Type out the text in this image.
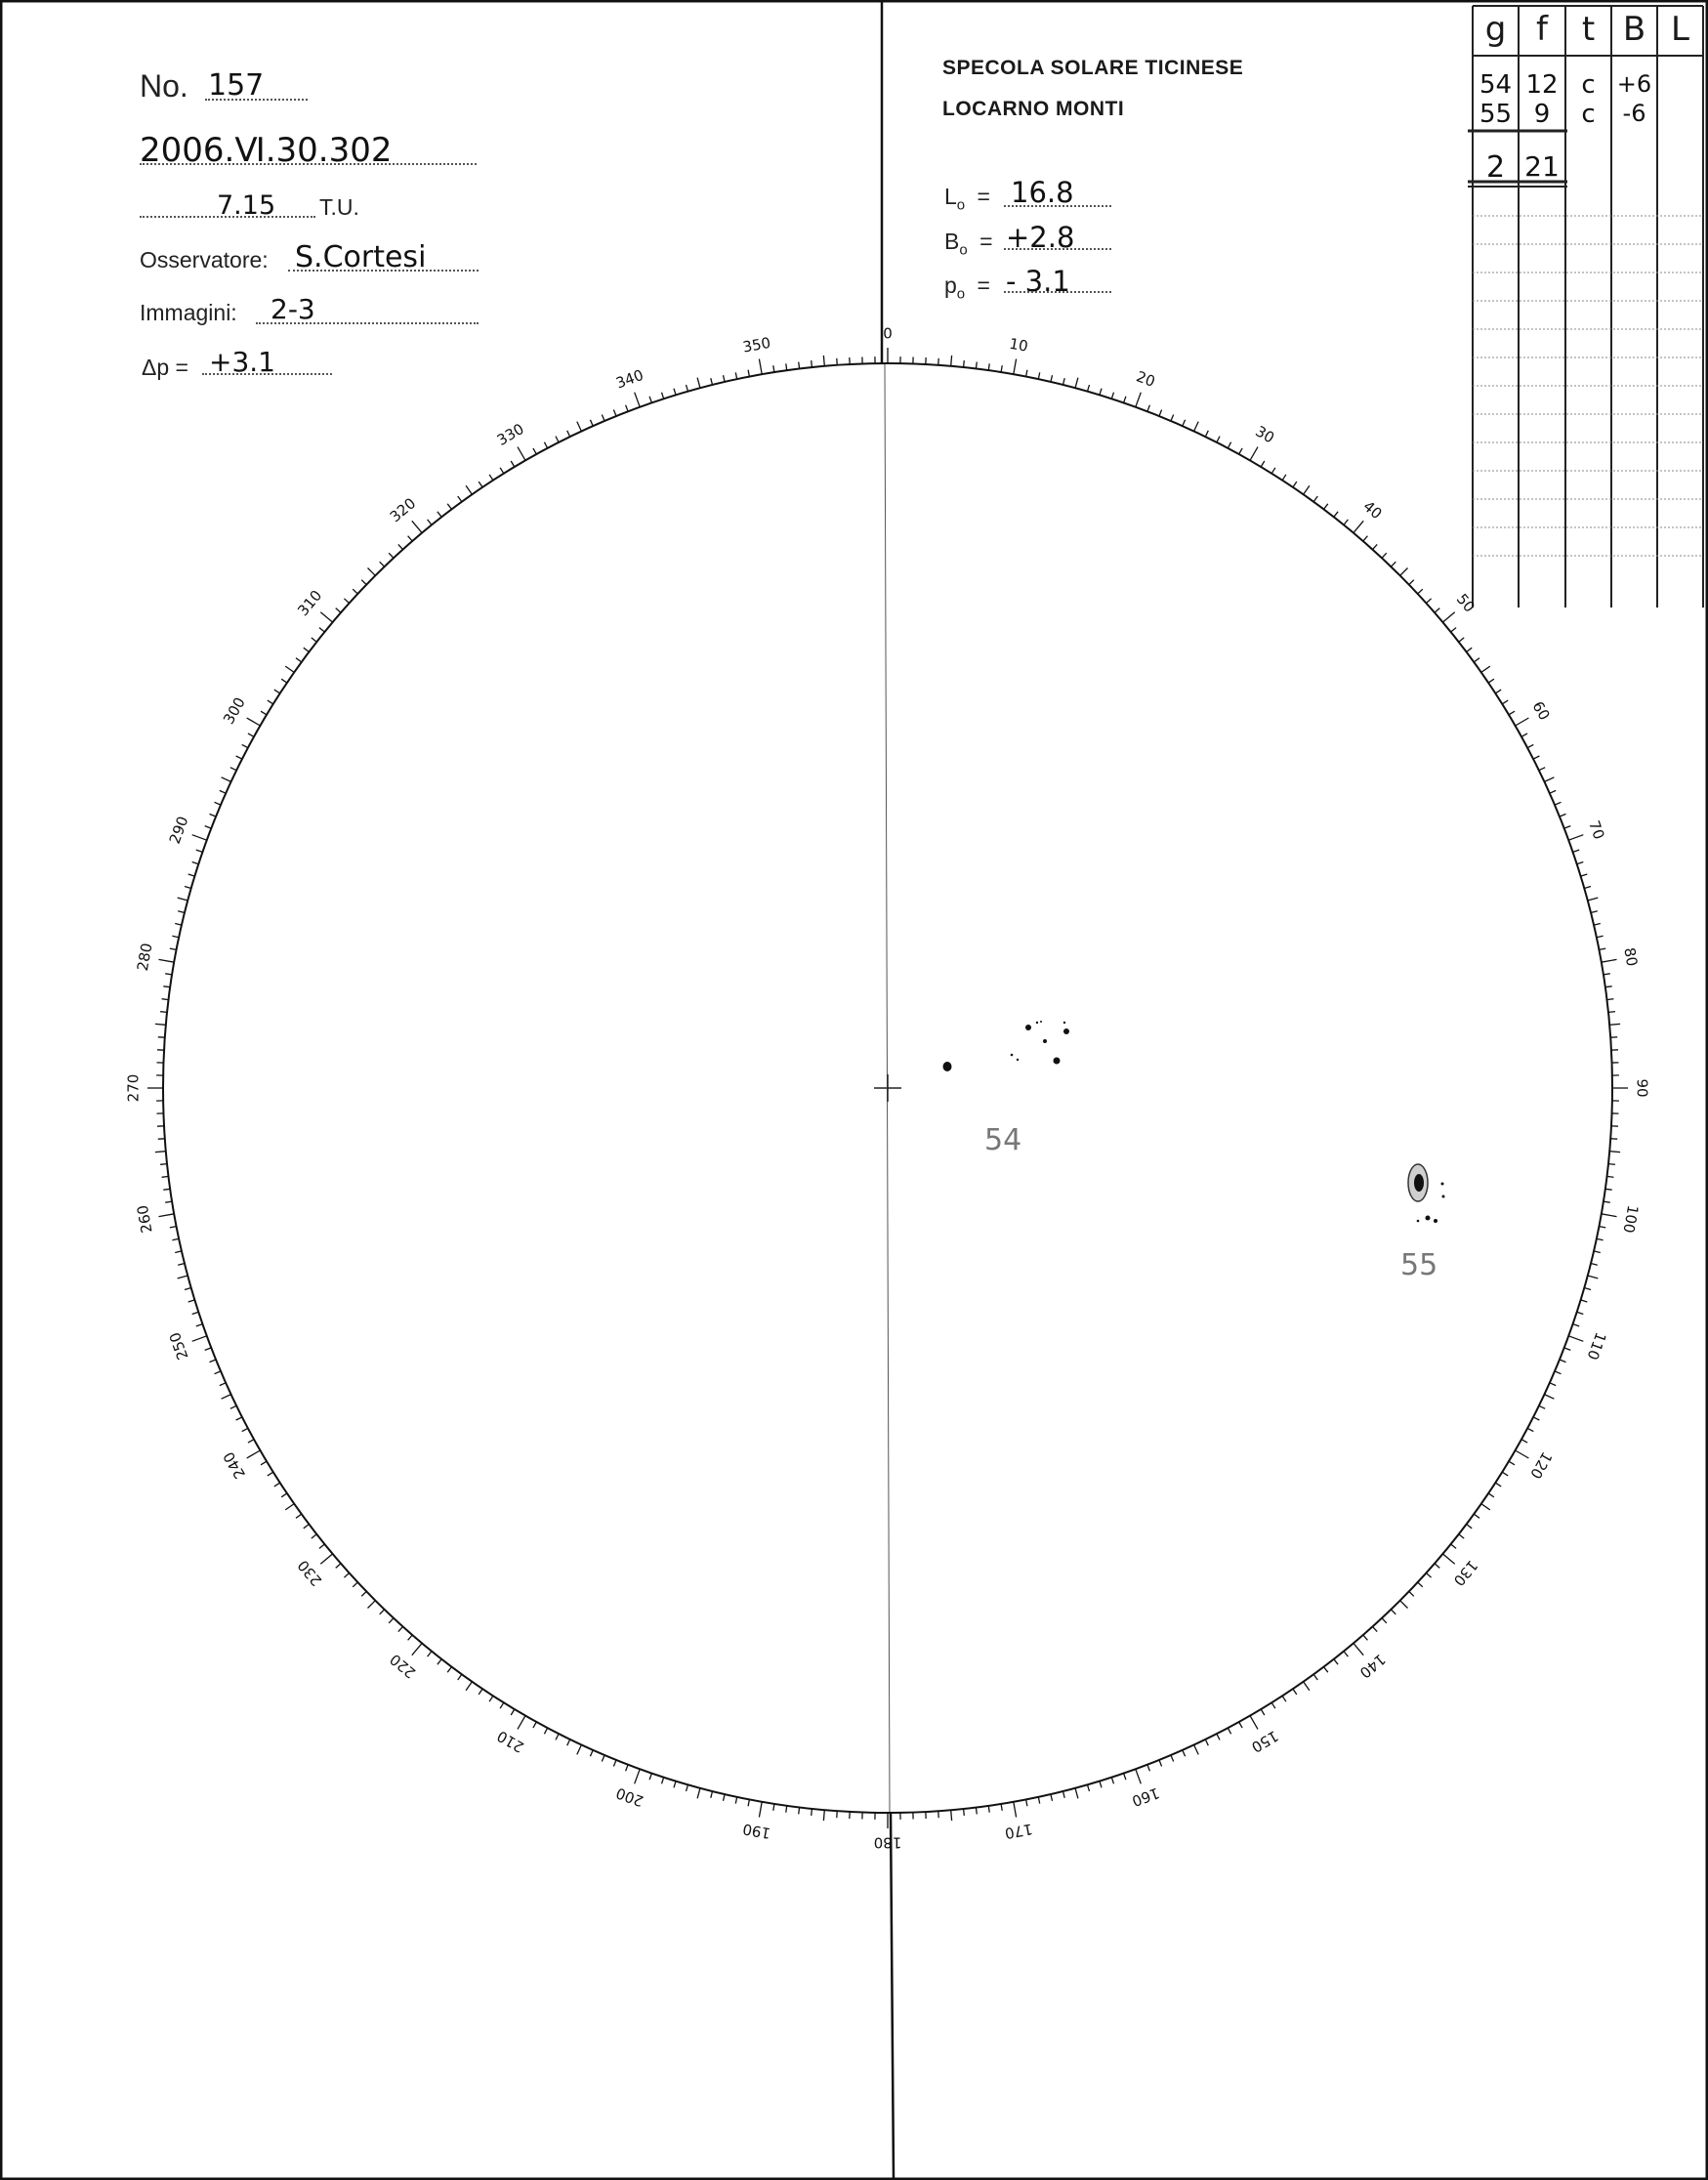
No. 157
2006.Ⅵ.30.302
7.15 T.U.
Osservatore: S.Cortesi
Immagini: 2-3
Δp = +3.1
SPECOLA SOLARE TICINESE
LOCARNO MONTI
$L_o = 16.8$
$B_o = +2.8$
$p_o$ = - 3.1
g f	t B L
54 12 c +6
55 9	c	-6
2 21
0
10
20
30
40
50
60
70
80
90
100
110
120
130
140
150
160
170
180
190
200
210
220
230
240
250
260
270
280
290
300
310
320
330
340
350
54
55
